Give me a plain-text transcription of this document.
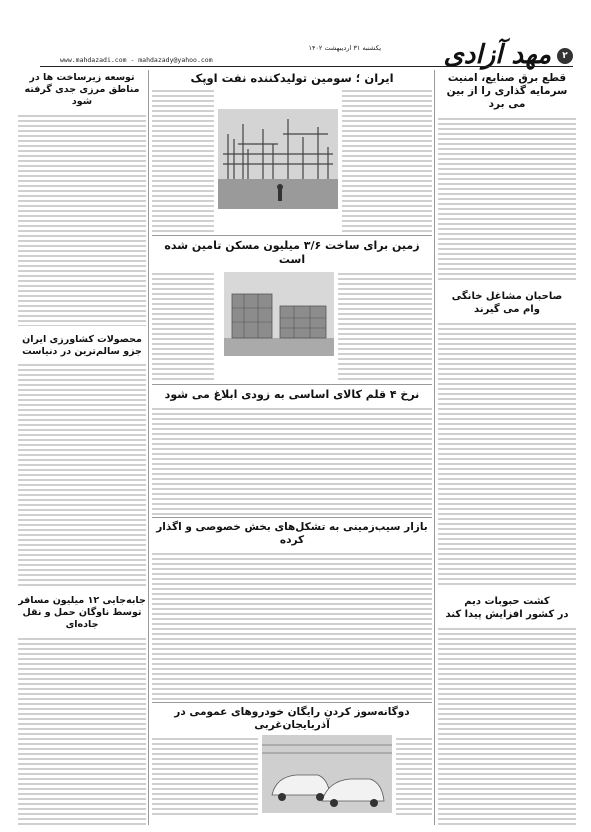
۲
مهد آزادی
یکشنبه ۳۱ اردیبهشت ۱۴۰۲
www.mahdazadi.com - mahdazady@yahoo.com
قطع برق صنایع، امنیت
سرمایه گذاری را از بین می برد
صاحبان مشاغل خانگی
وام می گیرند
کشت حبوبات دیم
در کشور افزایش پیدا کند
ایران ؛ سومین تولیدکننده نفت اوپک
زمین برای ساخت ۳/۶ میلیون مسکن تامین شده است
نرخ ۴ قلم کالای اساسی به زودی ابلاغ می شود
بازار سیب‌زمینی به تشکل‌های بخش خصوصی و اگذار کرده
دوگانه‌سوز کردن رایگان خودروهای عمومی در آذربایجان‌غربی
توسعه زیرساخت ها در
مناطق مرزی جدی گرفته شود
محصولات کشاورزی ایران
جزو سالم‌ترین در دنیاست
جابه‌جایی ۱۲ میلیون مسافر
توسط ناوگان حمل و نقل جاده‌ای
